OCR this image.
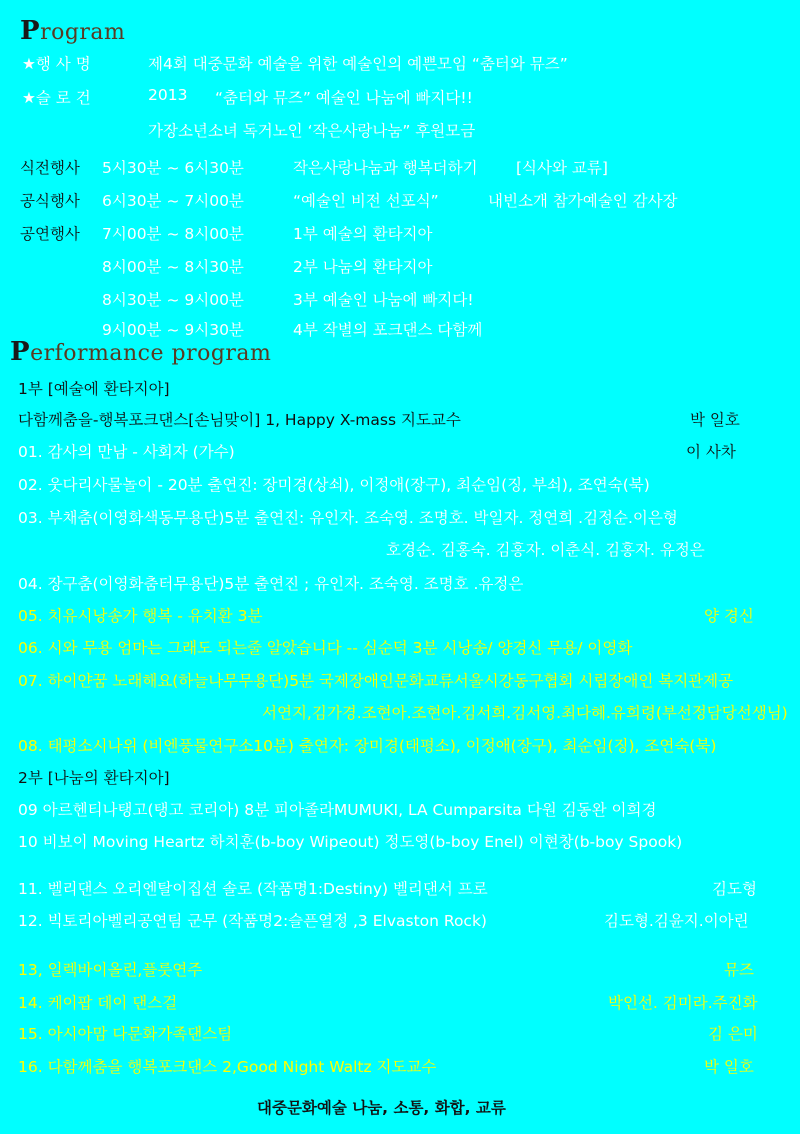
Program
★행 사 명	제4회 대중문화 예술을 위한 예술인의 예쁜모임 “춤터와 뮤즈”
★슬 로 건	2013 “춤터와 뮤즈” 예술인 나눔에 빠지다!!
가장소년소녀 독거노인 ‘작은사랑나눔” 후원모금
식전행사 5시30분 ~ 6시30분	작은사랑나눔과 행복더하기 [식사와 교류]
공식행사 6시30분 ~ 7시00분	“예술인 비전 선포식”	내빈소개 참가예술인 감사장
공연행사 7시00분 ~ 8시00분	1부 예술의 환타지아
8시00분 ~ 8시30분	2부 나눔의 환타지아
8시30분 ~ 9시00분	3부 예술인 나눔에 빠지다!
9시00분 ~ 9시30분	4부 작별의 포크댄스 다함께
Performance program
1부 [예술에 환타지아]
다함께춤을-행복포크댄스[손님맞이] 1, Happy X-mass 지도교수	박 일호
01. 감사의 만남 - 사회자 (가수)	이 사차
02. 웃다리사물놀이 - 20분 출연진: 장미경(상쇠), 이정애(장구), 최순임(징, 부쇠), 조연숙(북)
03. 부채춤(이영화색동무용단)5분 출연진: 유인자. 조숙영. 조명호. 박일자. 정연희 .김정순.이은형
호경순. 김홍숙. 김홍자. 이춘식. 김홍자. 유정은
04. 장구춤(이영화춤터무용단)5분 출연진 ; 유인자. 조숙영. 조명호 .유정은
05. 치유시낭송가 행복 - 유치환 3분	양 경신
06. 시와 무용 엄마는 그래도 되는줄 알았습니다 -- 심순덕 3분 시낭송/ 양경신 무용/ 이영화
07. 하이얀꿈 노래해요(하늘나무무용단)5분 국제장애인문화교류서울시강동구협회 시립장애인 복지관제공
서연지,김가경.조현아.조현아.김서희.김서영.최다혜.유희령(부선정담당선생님)
08. 태평소시나위 (비엔풍물연구소10분) 출연자: 장미경(태평소), 이정애(장구), 최순임(징), 조연숙(북)
2부 [나눔의 환타지아]
09 아르헨티나탱고(탱고 코리아) 8분 피아졸라MUMUKI, LA Cumparsita 다원 김동완 이희경
10 비보이 Moving Heartz 하치훈(b-boy Wipeout) 정도영(b-boy Enel) 이현창(b-boy Spook)
11. 벨리댄스 오리엔탈이집션 솔로 (작품명1:Destiny) 벨리댄서 프로	김도형
12. 빅토리아벨리공연팀 군무 (작품명2:슬픈열정 ,3 Elvaston Rock)	김도형.김윤지.이아린
13, 일렉바이올린,플룻연주	뮤즈
14. 케이팝 데이 댄스걸	박인선. 김미라.주진화
15. 아시아맘 다문화가족댄스팀	김 은미
16. 다함께춤을 행복포크댄스 2,Good Night Waltz 지도교수	박 일호
대중문화예술 나눔, 소통, 화합, 교류
